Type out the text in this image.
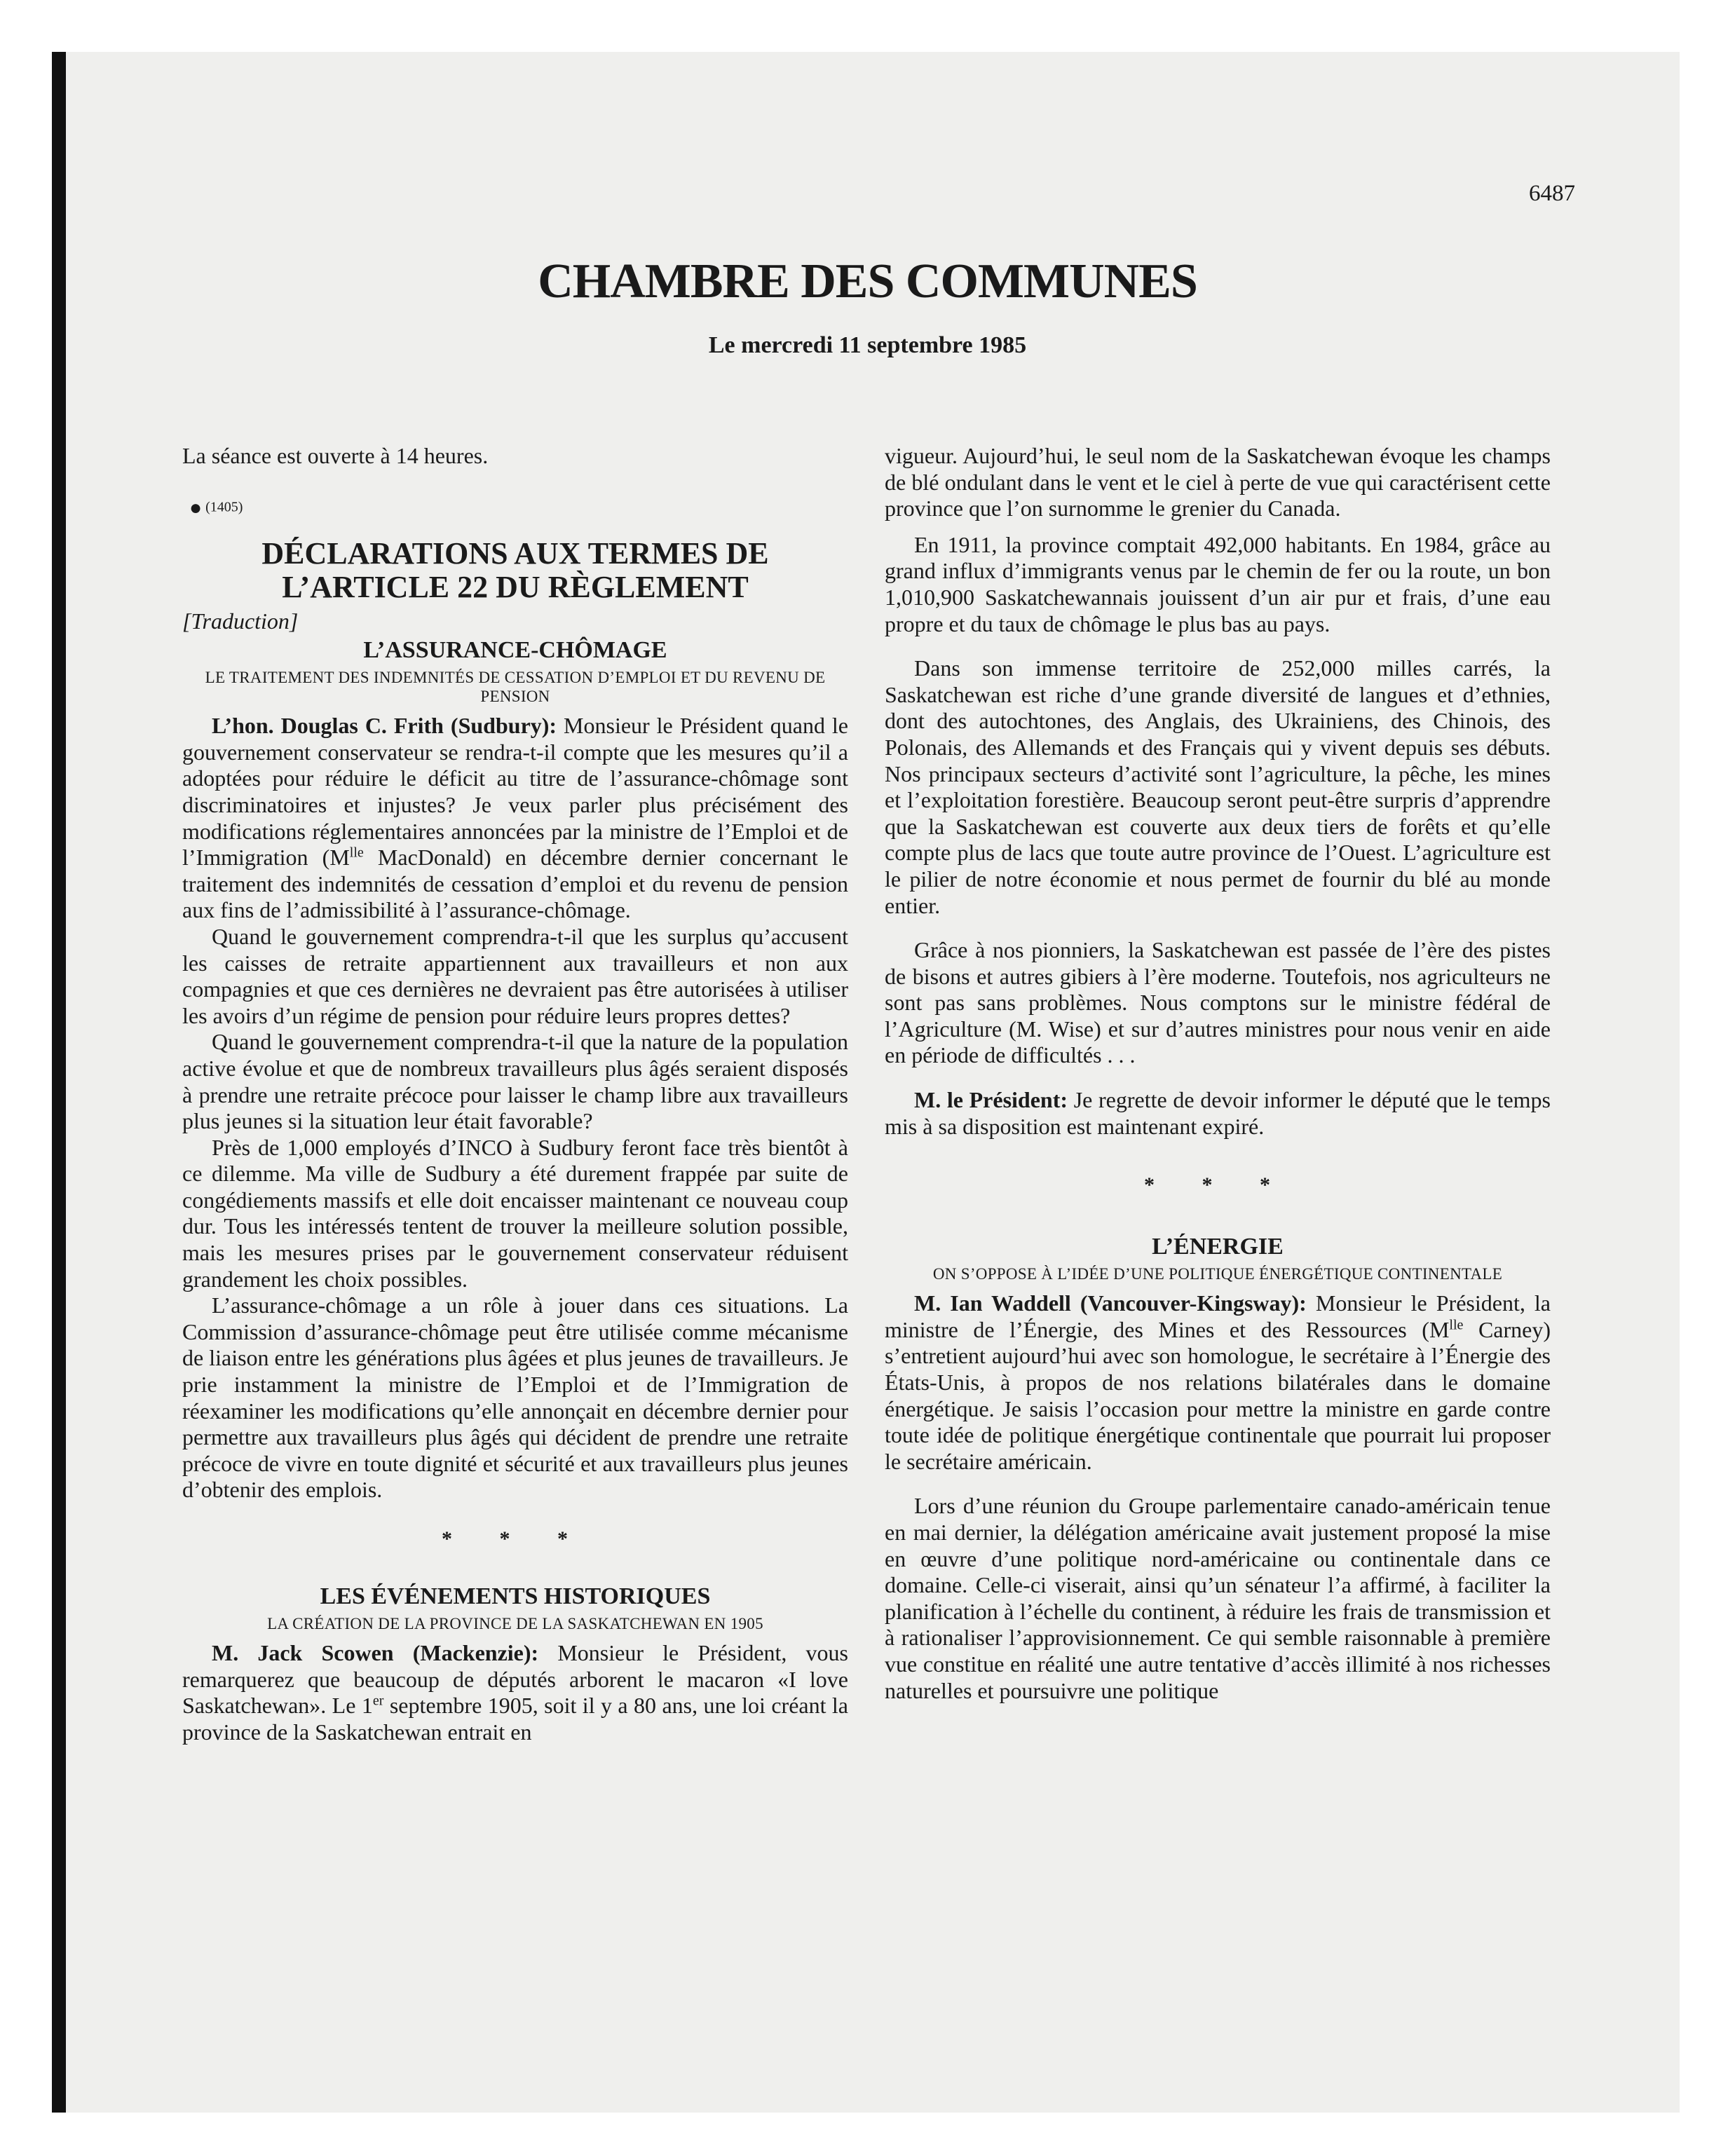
6487
CHAMBRE DES COMMUNES
Le mercredi 11 septembre 1985

La séance est ouverte à 14 heures.

● (1405)
DÉCLARATIONS AUX TERMES DE
L’ARTICLE 22 DU RÈGLEMENT

[Traduction]

L’ASSURANCE-CHÔMAGE
LE TRAITEMENT DES INDEMNITÉS DE CESSATION D’EMPLOI ET DU REVENU DE PENSION

L’hon. Douglas C. Frith (Sudbury): Monsieur le Président quand le gouvernement conservateur se rendra-t-il compte que les mesures qu’il a adoptées pour réduire le déficit au titre de l’assurance-chômage sont discriminatoires et injustes? Je veux parler plus précisément des modifications réglementaires annoncées par la ministre de l’Emploi et de l’Immigration ($M^{lle}$ MacDonald) en décembre dernier concernant le traitement des indemnités de cessation d’emploi et du revenu de pension aux fins de l’admissibilité à l’assurance-chômage.

Quand le gouvernement comprendra-t-il que les surplus qu’accusent les caisses de retraite appartiennent aux travailleurs et non aux compagnies et que ces dernières ne devraient pas être autorisées à utiliser les avoirs d’un régime de pension pour réduire leurs propres dettes?

Quand le gouvernement comprendra-t-il que la nature de la population active évolue et que de nombreux travailleurs plus âgés seraient disposés à prendre une retraite précoce pour laisser le champ libre aux travailleurs plus jeunes si la situation leur était favorable?

Près de 1,000 employés d’INCO à Sudbury feront face très bientôt à ce dilemme. Ma ville de Sudbury a été durement frappée par suite de congédiements massifs et elle doit encaisser maintenant ce nouveau coup dur. Tous les intéressés tentent de trouver la meilleure solution possible, mais les mesures prises par le gouvernement conservateur réduisent grandement les choix possibles.

L’assurance-chômage a un rôle à jouer dans ces situations. La Commission d’assurance-chômage peut être utilisée comme mécanisme de liaison entre les générations plus âgées et plus jeunes de travailleurs. Je prie instamment la ministre de l’Emploi et de l’Immigration de réexaminer les modifications qu’elle annonçait en décembre dernier pour permettre aux travailleurs plus âgés qui décident de prendre une retraite précoce de vivre en toute dignité et sécurité et aux travailleurs plus jeunes d’obtenir des emplois.

* * *
LES ÉVÉNEMENTS HISTORIQUES
LA CRÉATION DE LA PROVINCE DE LA SASKATCHEWAN EN 1905

M. Jack Scowen (Mackenzie): Monsieur le Président, vous remarquerez que beaucoup de députés arborent le macaron «I love Saskatchewan». Le 1er septembre 1905, soit il y a 80 ans, une loi créant la province de la Saskatchewan entrait en

vigueur. Aujourd’hui, le seul nom de la Saskatchewan évoque les champs de blé ondulant dans le vent et le ciel à perte de vue qui caractérisent cette province que l’on surnomme le grenier du Canada.

En 1911, la province comptait 492,000 habitants. En 1984, grâce au grand influx d’immigrants venus par le chemin de fer ou la route, un bon 1,010,900 Saskatchewannais jouissent d’un air pur et frais, d’une eau propre et du taux de chômage le plus bas au pays.

Dans son immense territoire de 252,000 milles carrés, la Saskatchewan est riche d’une grande diversité de langues et d’ethnies, dont des autochtones, des Anglais, des Ukrainiens, des Chinois, des Polonais, des Allemands et des Français qui y vivent depuis ses débuts. Nos principaux secteurs d’activité sont l’agriculture, la pêche, les mines et l’exploitation forestière. Beaucoup seront peut-être surpris d’apprendre que la Saskatchewan est couverte aux deux tiers de forêts et qu’elle compte plus de lacs que toute autre province de l’Ouest. L’agriculture est le pilier de notre économie et nous permet de fournir du blé au monde entier.

Grâce à nos pionniers, la Saskatchewan est passée de l’ère des pistes de bisons et autres gibiers à l’ère moderne. Toutefois, nos agriculteurs ne sont pas sans problèmes. Nous comptons sur le ministre fédéral de l’Agriculture (M. Wise) et sur d’autres ministres pour nous venir en aide en période de difficultés . . .

M. le Président: Je regrette de devoir informer le député que le temps mis à sa disposition est maintenant expiré.

* * *
L’ÉNERGIE
ON S’OPPOSE À L’IDÉE D’UNE POLITIQUE ÉNERGÉTIQUE CONTINENTALE

M. Ian Waddell (Vancouver-Kingsway): Monsieur le Président, la ministre de l’Énergie, des Mines et des Ressources ($M^{lle}$ Carney) s’entretient aujourd’hui avec son homologue, le secrétaire à l’Énergie des États-Unis, à propos de nos relations bilatérales dans le domaine énergétique. Je saisis l’occasion pour mettre la ministre en garde contre toute idée de politique énergétique continentale que pourrait lui proposer le secrétaire américain.

Lors d’une réunion du Groupe parlementaire canado-américain tenue en mai dernier, la délégation américaine avait justement proposé la mise en œuvre d’une politique nord-américaine ou continentale dans ce domaine. Celle-ci viserait, ainsi qu’un sénateur l’a affirmé, à faciliter la planification à l’échelle du continent, à réduire les frais de transmission et à rationaliser l’approvisionnement. Ce qui semble raisonnable à première vue constitue en réalité une autre tentative d’accès illimité à nos richesses naturelles et poursuivre une politique
